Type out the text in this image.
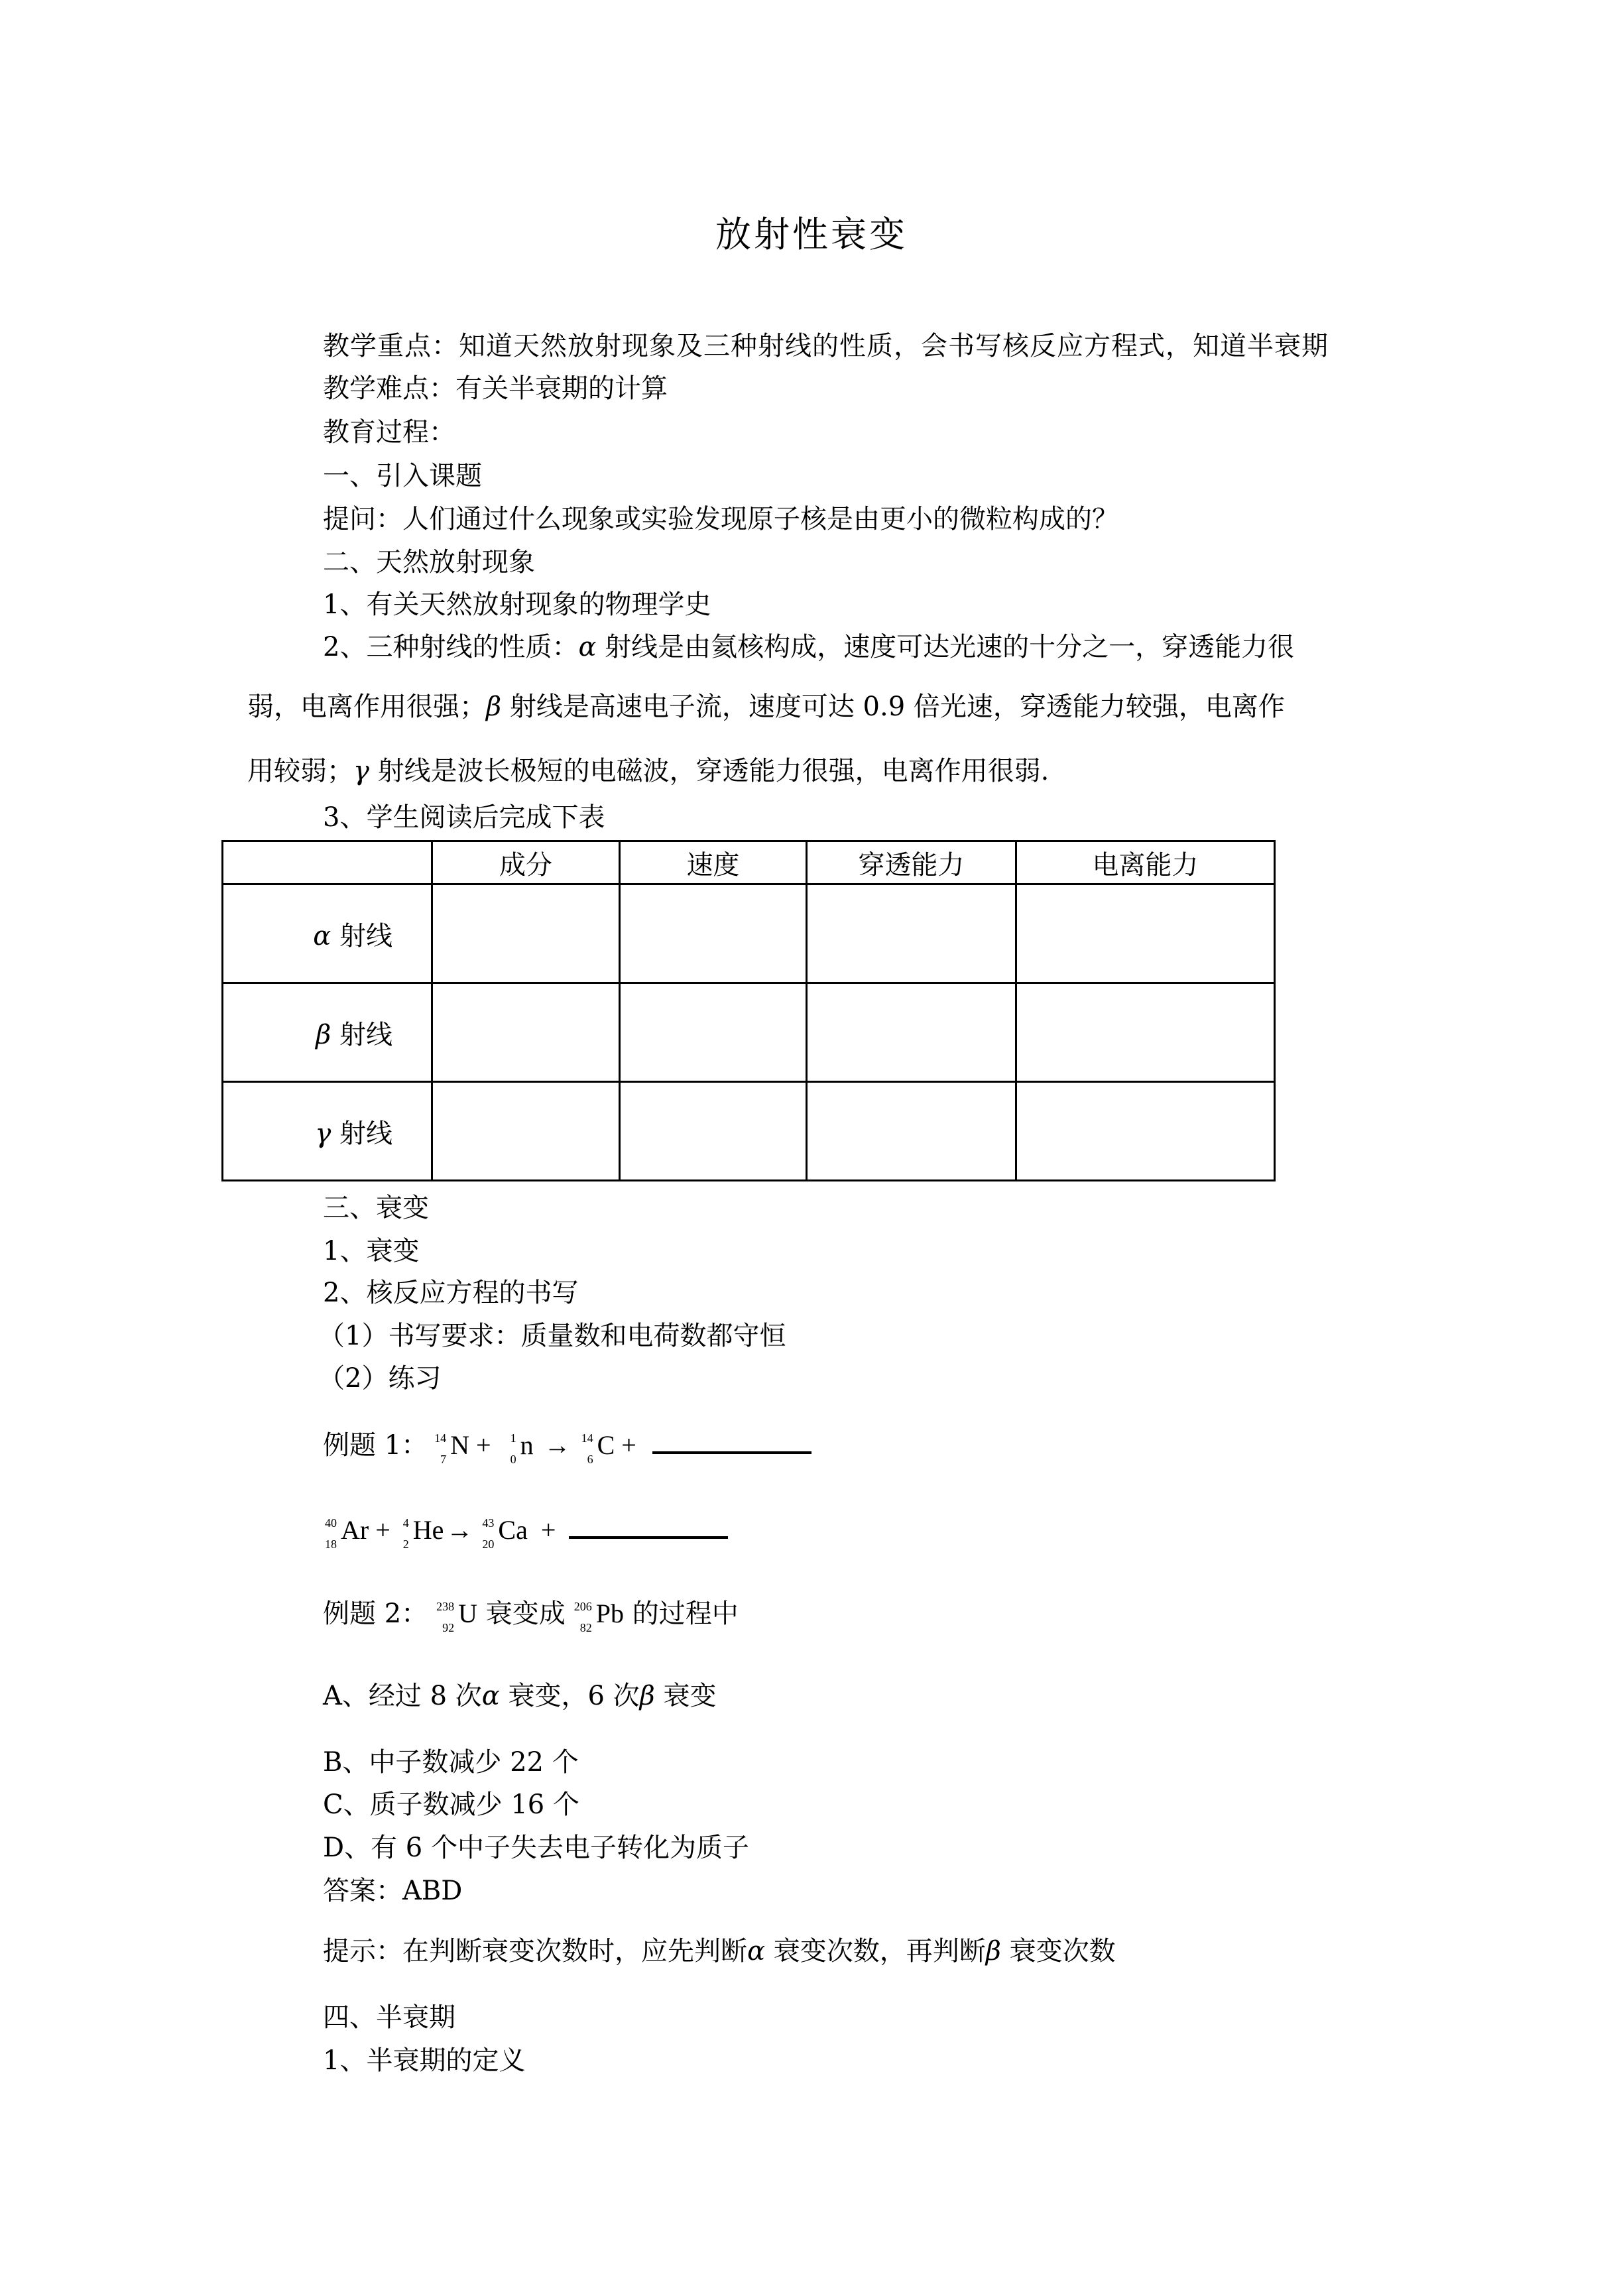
放射性衰变
教学重点：知道天然放射现象及三种射线的性质，会书写核反应方程式，知道半衰期
教学难点：有关半衰期的计算
教育过程：
一、引入课题
提问：人们通过什么现象或实验发现原子核是由更小的微粒构成的？
二、天然放射现象
1、有关天然放射现象的物理学史
2、三种射线的性质：α 射线是由氦核构成，速度可达光速的十分之一，穿透能力很
弱，电离作用很强；β 射线是高速电子流，速度可达 0.9 倍光速，穿透能力较强，电离作
用较弱；γ 射线是波长极短的电磁波，穿透能力很强，电离作用很弱.
3、学生阅读后完成下表
	成分	速度	穿透能力	电离能力
α 射线				
β 射线				
γ 射线				
三、衰变
1、衰变
2、核反应方程的书写
（1）书写要求：质量数和电荷数都守恒
（2）练习
例题 1： 14
7 N + 1
0 n → 14
6 C +
40
18 Ar + 4
2 He → 43
20 Ca  +
例题 2： 238
92 U 衰变成 206
82 Pb 的过程中
A、经过 8 次α 衰变，6 次β 衰变
B、中子数减少 22 个
C、质子数减少 16 个
D、有 6 个中子失去电子转化为质子
答案：ABD
提示：在判断衰变次数时，应先判断α 衰变次数，再判断β 衰变次数
四、半衰期
1、半衰期的定义
